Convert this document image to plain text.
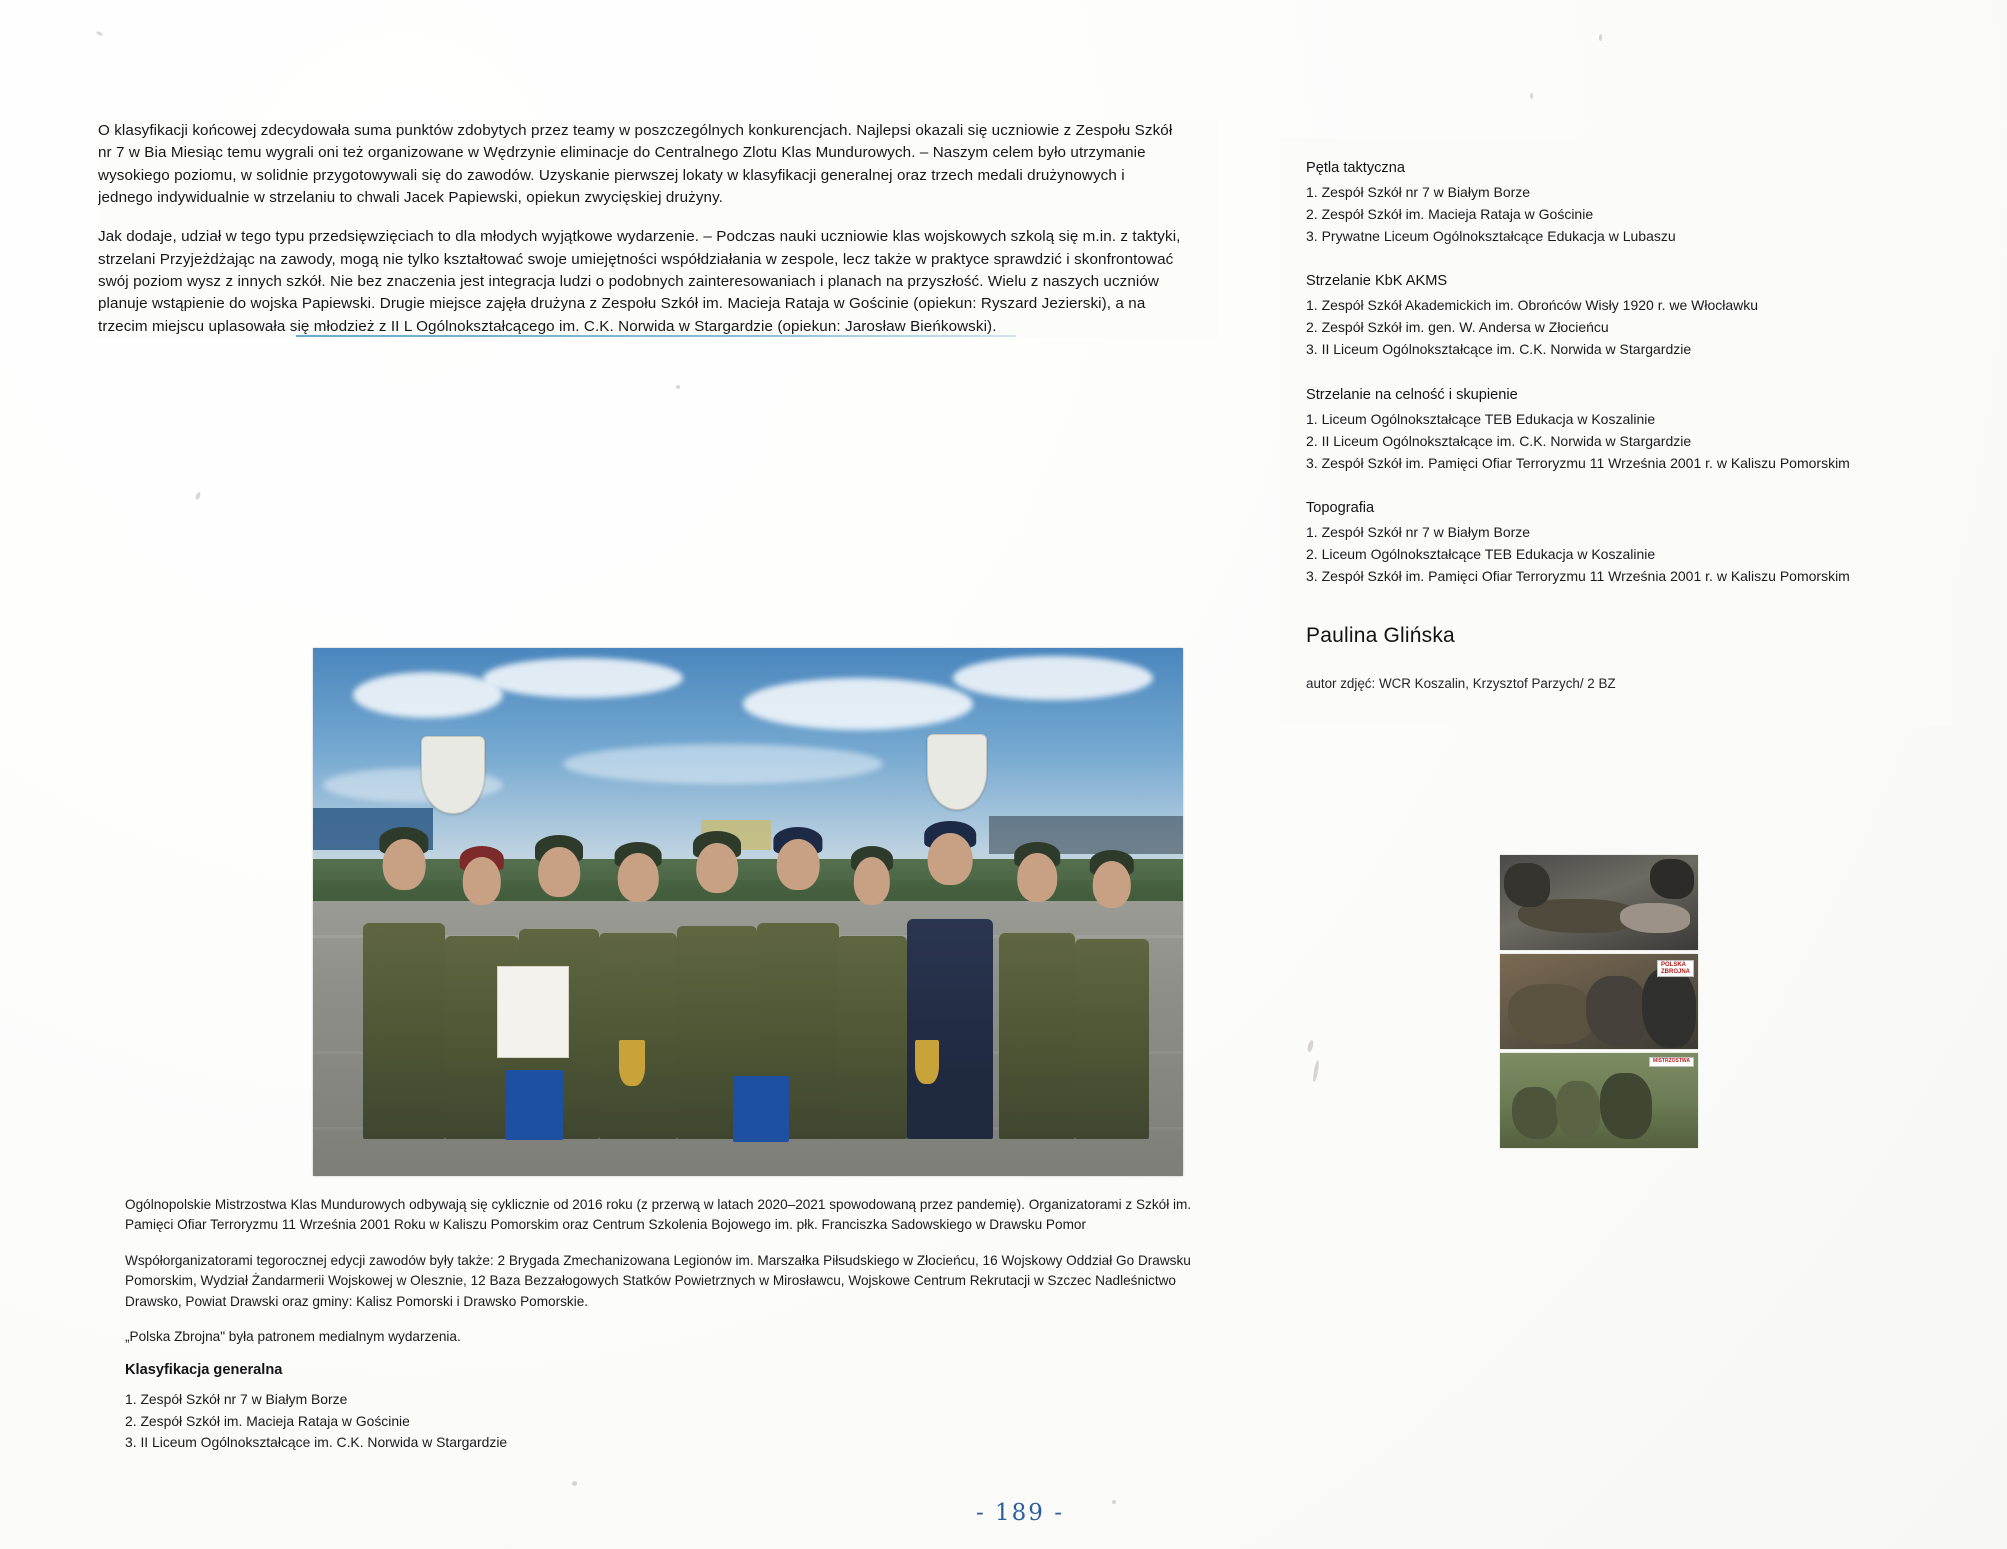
O klasyfikacji końcowej zdecydowała suma punktów zdobytych przez teamy w poszczególnych konkurencjach. Najlepsi okazali się uczniowie z Zespołu Szkół nr 7 w Bia Miesiąc temu wygrali oni też organizowane w Wędrzynie eliminacje do Centralnego Zlotu Klas Mundurowych. – Naszym celem było utrzymanie wysokiego poziomu, w solidnie przygotowywali się do zawodów. Uzyskanie pierwszej lokaty w klasyfikacji generalnej oraz trzech medali drużynowych i jednego indywidualnie w strzelaniu to chwali Jacek Papiewski, opiekun zwycięskiej drużyny.

Jak dodaje, udział w tego typu przedsięwzięciach to dla młodych wyjątkowe wydarzenie. – Podczas nauki uczniowie klas wojskowych szkolą się m.in. z taktyki, strzelani Przyjeżdżając na zawody, mogą nie tylko kształtować swoje umiejętności współdziałania w zespole, lecz także w praktyce sprawdzić i skonfrontować swój poziom wysz z innych szkół. Nie bez znaczenia jest integracja ludzi o podobnych zainteresowaniach i planach na przyszłość. Wielu z naszych uczniów planuje wstąpienie do wojska Papiewski. Drugie miejsce zajęła drużyna z Zespołu Szkół im. Macieja Rataja w Gościnie (opiekun: Ryszard Jezierski), a na trzecim miejscu uplasowała się młodzież z II L Ogólnokształcącego im. C.K. Norwida w Stargardzie (opiekun: Jarosław Bieńkowski).

Ogólnopolskie Mistrzostwa Klas Mundurowych odbywają się cyklicznie od 2016 roku (z przerwą w latach 2020–2021 spowodowaną przez pandemię). Organizatorami z Szkół im. Pamięci Ofiar Terroryzmu 11 Września 2001 Roku w Kaliszu Pomorskim oraz Centrum Szkolenia Bojowego im. płk. Franciszka Sadowskiego w Drawsku Pomor

Współorganizatorami tegorocznej edycji zawodów były także: 2 Brygada Zmechanizowana Legionów im. Marszałka Piłsudskiego w Złocieńcu, 16 Wojskowy Oddział Go Drawsku Pomorskim, Wydział Żandarmerii Wojskowej w Olesznie, 12 Baza Bezzałogowych Statków Powietrznych w Mirosławcu, Wojskowe Centrum Rekrutacji w Szczec Nadleśnictwo Drawsko, Powiat Drawski oraz gminy: Kalisz Pomorski i Drawsko Pomorskie.

„Polska Zbrojna" była patronem medialnym wydarzenia.

Klasyfikacja generalna
1. Zespół Szkół nr 7 w Białym Borze
2. Zespół Szkół im. Macieja Rataja w Gościnie
3. II Liceum Ogólnokształcące im. C.K. Norwida w Stargardzie

Pętla taktyczna

1. Zespół Szkół nr 7 w Białym Borze
2. Zespół Szkół im. Macieja Rataja w Gościnie
3. Prywatne Liceum Ogólnokształcące Edukacja w Lubaszu

Strzelanie KbK AKMS

1. Zespół Szkół Akademickich im. Obrońców Wisły 1920 r. we Włocławku
2. Zespół Szkół im. gen. W. Andersa w Złocieńcu
3. II Liceum Ogólnokształcące im. C.K. Norwida w Stargardzie

Strzelanie na celność i skupienie

1. Liceum Ogólnokształcące TEB Edukacja w Koszalinie
2. II Liceum Ogólnokształcące im. C.K. Norwida w Stargardzie
3. Zespół Szkół im. Pamięci Ofiar Terroryzmu 11 Września 2001 r. w Kaliszu Pomorskim

Topografia

1. Zespół Szkół nr 7 w Białym Borze
2. Liceum Ogólnokształcące TEB Edukacja w Koszalinie
3. Zespół Szkół im. Pamięci Ofiar Terroryzmu 11 Września 2001 r. w Kaliszu Pomorskim

Paulina Glińska

autor zdjęć: WCR Koszalin, Krzysztof Parzych/ 2 BZ

POLSKA
ZBROJNA
MISTRZOSTWA
- 189 -
